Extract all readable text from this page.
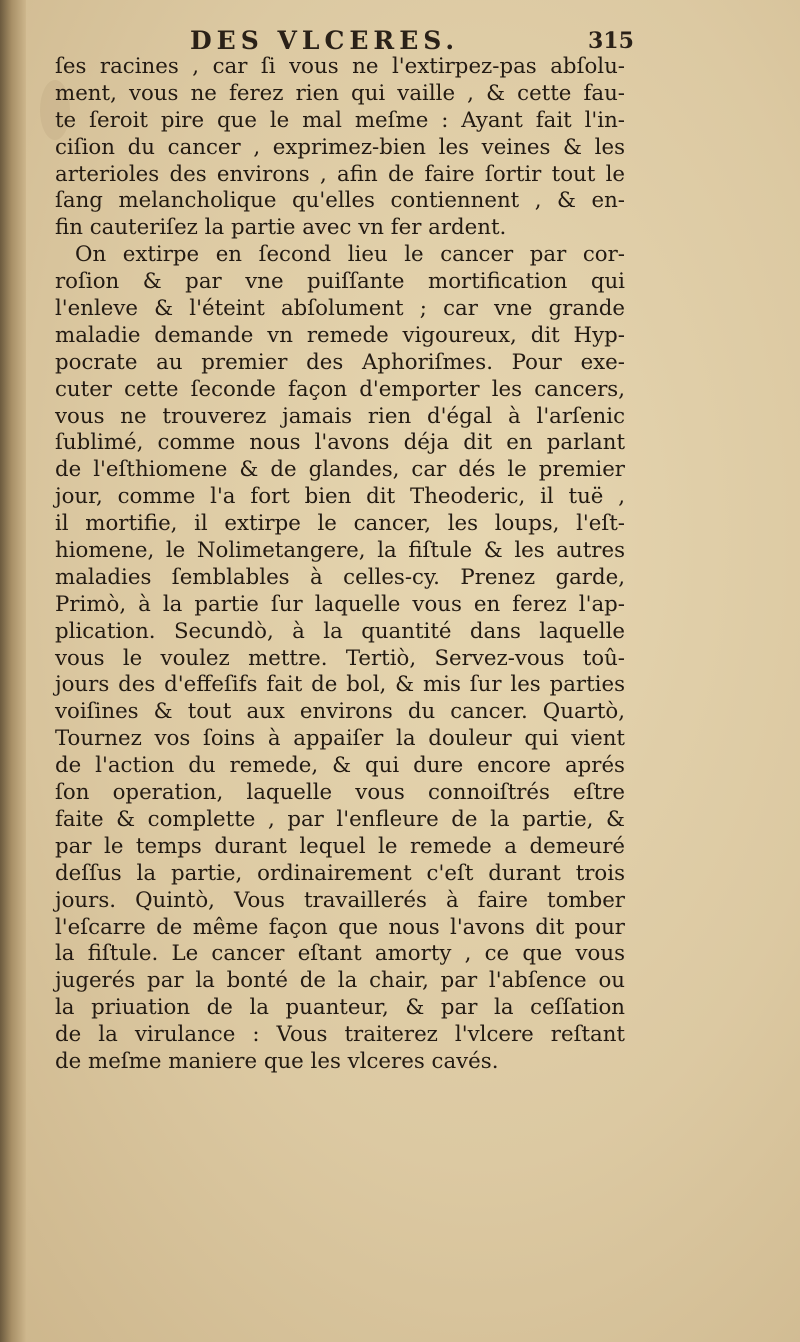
DES VLCERES.	315
ſes racines , car ſi vous ne l'extirpez-pas abſolu-
ment, vous ne ferez rien qui vaille , & cette fau-
te ſeroit pire que le mal meſme : Ayant fait l'in-
ciſion du cancer , exprimez-bien les veines & les
arterioles des environs , afin de faire ſortir tout le
ſang melancholique qu'elles contiennent , & en-
fin cauteriſez la partie avec vn fer ardent.
On extirpe en ſecond lieu le cancer par cor-
roſion & par vne puiſſante mortification qui
l'enleve & l'éteint abſolument ; car vne grande
maladie demande vn remede vigoureux, dit Hyp-
pocrate au premier des Aphoriſmes. Pour exe-
cuter cette ſeconde façon d'emporter les cancers,
vous ne trouverez jamais rien d'égal à l'arſenic
ſublimé, comme nous l'avons déja dit en parlant
de l'eſthiomene & de glandes, car dés le premier
jour, comme l'a fort bien dit Theoderic, il tuë ,
il mortifie, il extirpe le cancer, les loups, l'eſt-
hiomene, le Nolimetangere, la fiſtule & les autres
maladies ſemblables à celles-cy. Prenez garde,
Primò, à la partie ſur laquelle vous en ferez l'ap-
plication. Secundò, à la quantité dans laquelle
vous le voulez mettre. Tertiò, Servez-vous toû-
jours des d'effeſifs fait de bol, & mis ſur les parties
voiſines & tout aux environs du cancer. Quartò,
Tournez vos ſoins à appaiſer la douleur qui vient
de l'action du remede, & qui dure encore aprés
ſon operation, laquelle vous connoiſtrés eſtre
faite & complette , par l'enfleure de la partie, &
par le temps durant lequel le remede a demeuré
deſſus la partie, ordinairement c'eſt durant trois
jours. Quintò, Vous travaillerés à faire tomber
l'eſcarre de même façon que nous l'avons dit pour
la fiſtule. Le cancer eſtant amorty , ce que vous
jugerés par la bonté de la chair, par l'abſence ou
la priuation de la puanteur, & par la ceſſation
de la virulance : Vous traiterez l'vlcere reſtant
de meſme maniere que les vlceres cavés.
